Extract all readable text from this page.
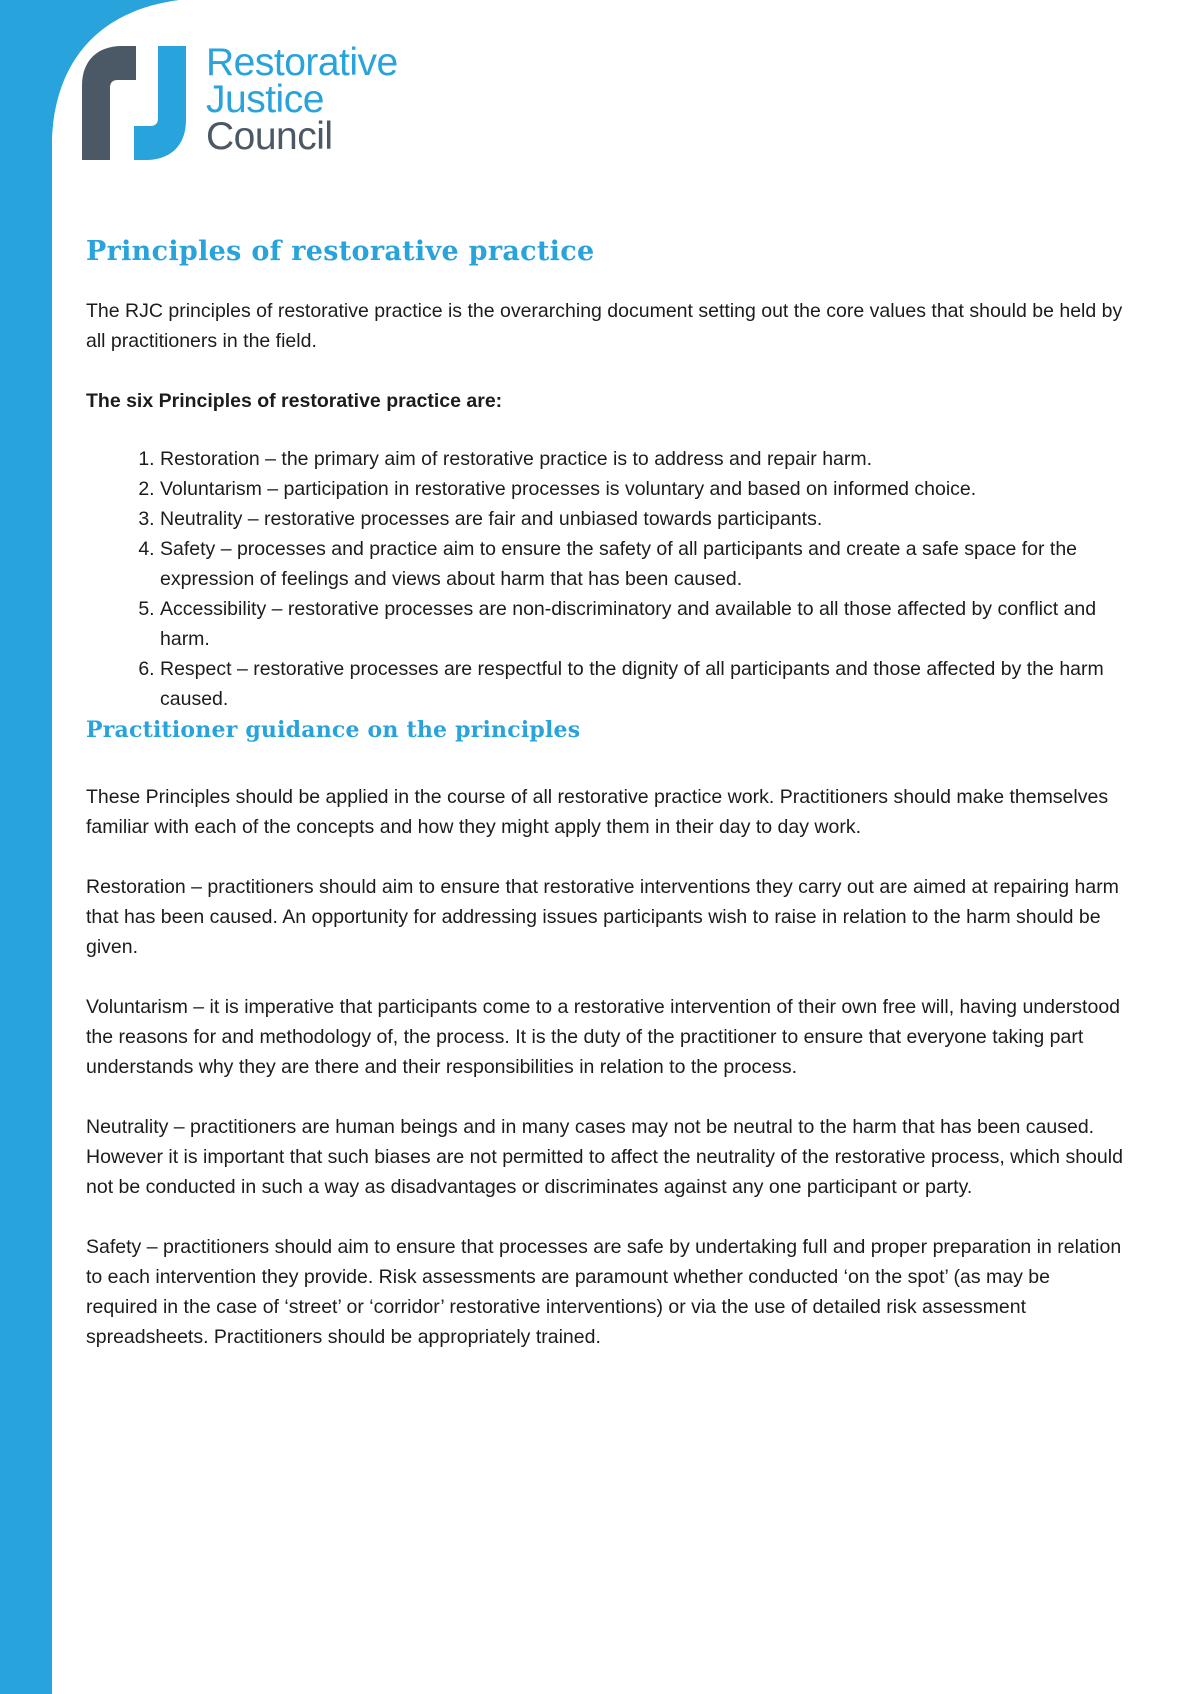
Restorative
Justice
Council
Principles of restorative practice

The RJC principles of restorative practice is the overarching document setting out the core values that should be held by all practitioners in the field.

The six Principles of restorative practice are:

1. Restoration – the primary aim of restorative practice is to address and repair harm.
2. Voluntarism – participation in restorative processes is voluntary and based on informed choice.
3. Neutrality – restorative processes are fair and unbiased towards participants.
4. Safety – processes and practice aim to ensure the safety of all participants and create a safe space for the expression of feelings and views about harm that has been caused.
5. Accessibility – restorative processes are non-discriminatory and available to all those affected by conflict and harm.
6. Respect – restorative processes are respectful to the dignity of all participants and those affected by the harm caused.
Practitioner guidance on the principles

These Principles should be applied in the course of all restorative practice work. Practitioners should make themselves familiar with each of the concepts and how they might apply them in their day to day work.

Restoration – practitioners should aim to ensure that restorative interventions they carry out are aimed at repairing harm that has been caused. An opportunity for addressing issues participants wish to raise in relation to the harm should be given.

Voluntarism – it is imperative that participants come to a restorative intervention of their own free will, having understood the reasons for and methodology of, the process. It is the duty of the practitioner to ensure that everyone taking part understands why they are there and their responsibilities in relation to the process.

Neutrality – practitioners are human beings and in many cases may not be neutral to the harm that has been caused. However it is important that such biases are not permitted to affect the neutrality of the restorative process, which should not be conducted in such a way as disadvantages or discriminates against any one participant or party.

Safety – practitioners should aim to ensure that processes are safe by undertaking full and proper preparation in relation to each intervention they provide. Risk assessments are paramount whether conducted ‘on the spot’ (as may be required in the case of ‘street’ or ‘corridor’ restorative interventions) or via the use of detailed risk assessment spreadsheets. Practitioners should be appropriately trained.
